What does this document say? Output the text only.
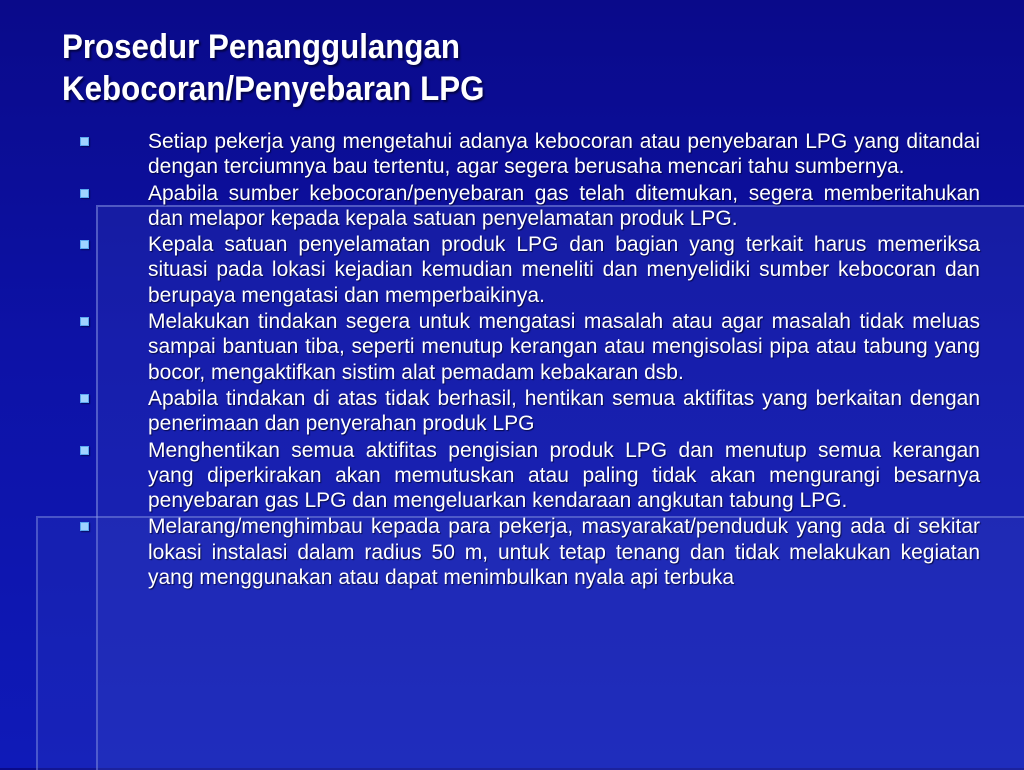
Prosedur Penanggulangan
Kebocoran/Penyebaran LPG
Setiap pekerja yang mengetahui adanya kebocoran atau penyebaran LPG yang ditandai dengan terciumnya bau tertentu, agar segera berusaha mencari tahu sumbernya.
Apabila sumber kebocoran/penyebaran gas telah ditemukan, segera memberitahukan dan melapor kepada kepala satuan penyelamatan produk LPG.
Kepala satuan penyelamatan produk LPG dan bagian yang terkait harus memeriksa situasi pada lokasi kejadian kemudian meneliti dan menyelidiki sumber kebocoran dan berupaya mengatasi dan memperbaikinya.
Melakukan tindakan segera untuk mengatasi masalah atau agar masalah tidak meluas sampai bantuan tiba, seperti menutup kerangan atau mengisolasi pipa atau tabung yang bocor, mengaktifkan sistim alat pemadam kebakaran dsb.
Apabila tindakan di atas tidak berhasil, hentikan semua aktifitas yang berkaitan dengan penerimaan dan penyerahan produk LPG
Menghentikan semua aktifitas pengisian produk LPG dan menutup semua kerangan yang diperkirakan akan memutuskan atau paling tidak akan mengurangi besarnya penyebaran gas LPG dan mengeluarkan kendaraan angkutan tabung LPG.
Melarang/menghimbau kepada para pekerja, masyarakat/penduduk yang ada di sekitar lokasi instalasi dalam radius 50 m, untuk tetap tenang dan tidak melakukan kegiatan yang menggunakan atau dapat menimbulkan nyala api terbuka
